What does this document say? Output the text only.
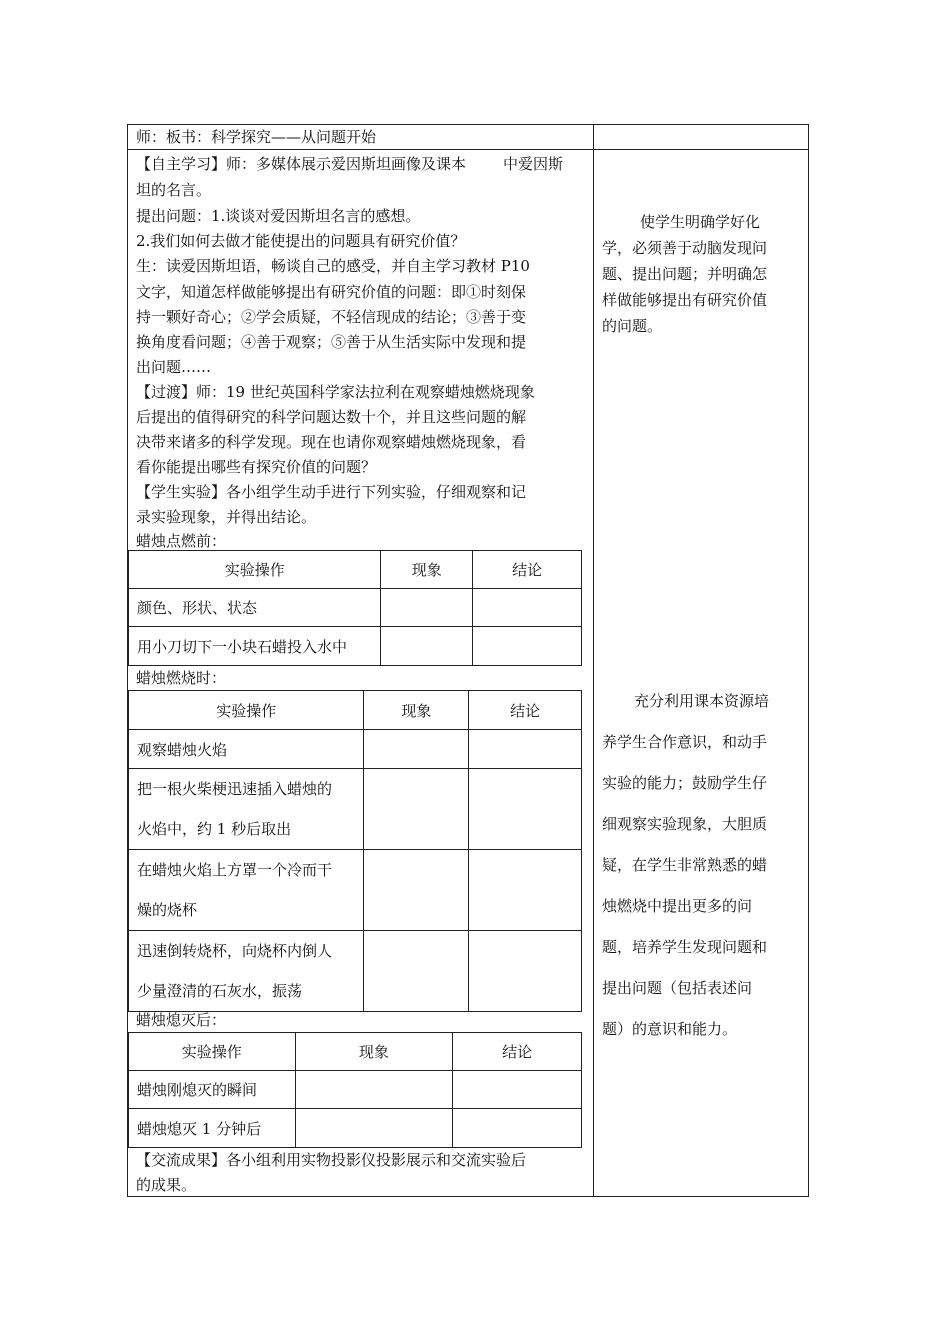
师：板书：科学探究——从问题开始
【自主学习】师：多媒体展示爱因斯坦画像及课本	中爱因斯
坦的名言。
提出问题：1.谈谈对爱因斯坦名言的感想。
2.我们如何去做才能使提出的问题具有研究价值？
生：读爱因斯坦语，畅谈自己的感受，并自主学习教材 P10
文字，知道怎样做能够提出有研究价值的问题：即①时刻保
持一颗好奇心；②学会质疑，不轻信现成的结论；③善于变
换角度看问题；④善于观察；⑤善于从生活实际中发现和提
出问题……
【过渡】师：19 世纪英国科学家法拉利在观察蜡烛燃烧现象
后提出的值得研究的科学问题达数十个，并且这些问题的解
决带来诸多的科学发现。现在也请你观察蜡烛燃烧现象，看
看你能提出哪些有探究价值的问题？
【学生实验】各小组学生动手进行下列实验，仔细观察和记
录实验现象，并得出结论。
蜡烛点燃前：
实验操作	现象	结论
颜色、形状、状态		
用小刀切下一小块石蜡投入水中		
蜡烛燃烧时：
实验操作	现象	结论
观察蜡烛火焰		

把一根火柴梗迅速插入蜡烛的
火焰中，约 1 秒后取出		

在蜡烛火焰上方罩一个冷而干
燥的烧杯		

迅速倒转烧杯，向烧杯内倒人
少量澄清的石灰水，振荡		

蜡烛熄灭后：
实验操作	现象	结论
蜡烛刚熄灭的瞬间		
蜡烛熄灭 1 分钟后		
【交流成果】各小组利用实物投影仪投影展示和交流实验后
的成果。
使学生明确学好化
学，必须善于动脑发现问
题、提出问题；并明确怎
样做能够提出有研究价值
的问题。
充分利用课本资源培
养学生合作意识，和动手
实验的能力；鼓励学生仔
细观察实验现象，大胆质
疑，在学生非常熟悉的蜡
烛燃烧中提出更多的问
题，培养学生发现问题和
提出问题（包括表述问
题）的意识和能力。
